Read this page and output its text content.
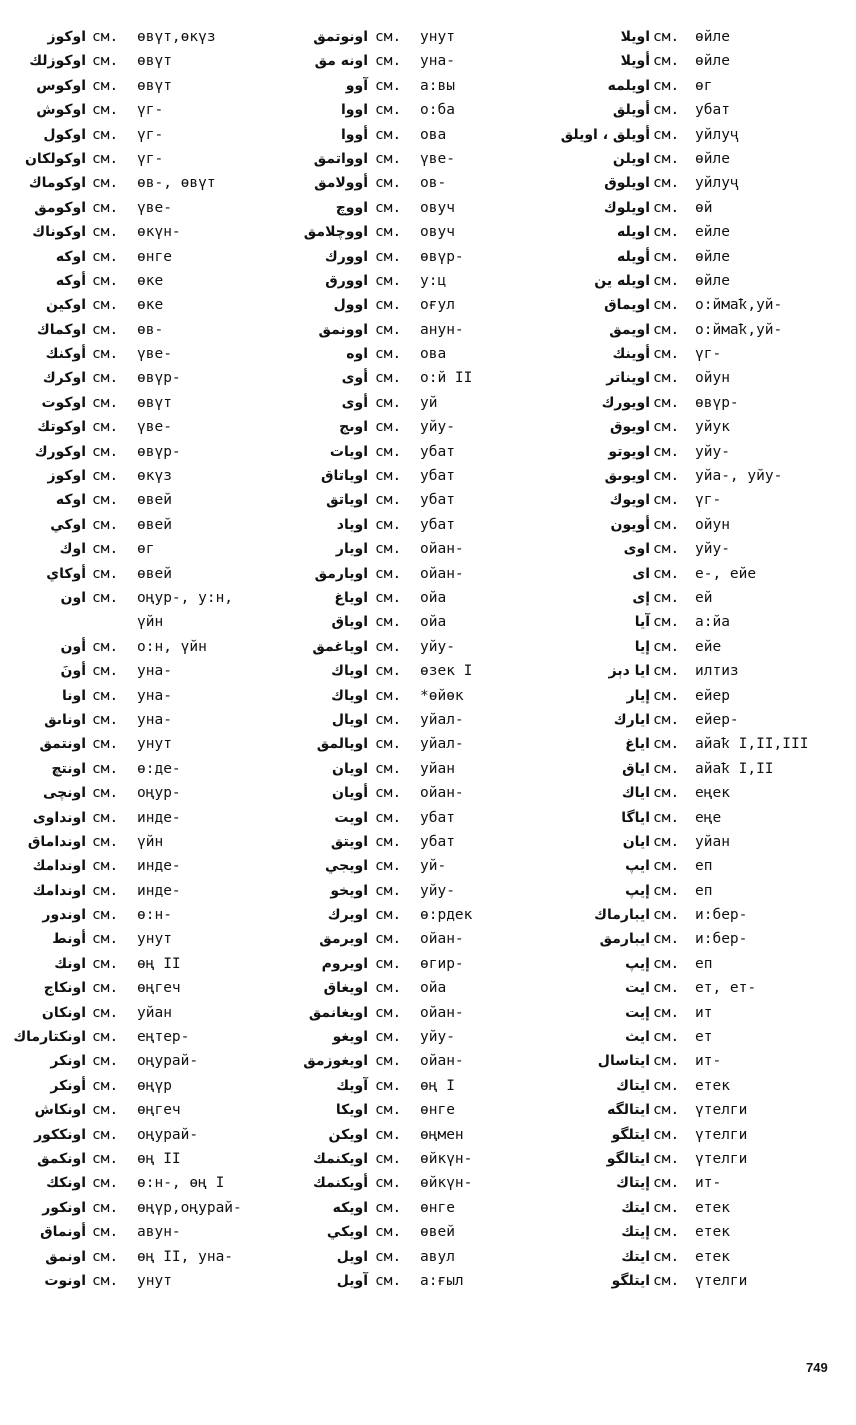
اوكوز см. өвүт,өкүз
اوكوزلك см. өвүт
اوكوس см. өвүт
اوكوش см. үг-
اوكول см. үг-
اوكولكان см. үг-
اوكوماك см. өв-, өвүт
اوكومق см. үве-
اوكوناك см. өкүн-
اوكه см. өнге
أوكه см. өке
اوكين см. өке
اوكماك см. өв-
أوكنك см. үве-
اوكرك см. өвүр-
اوكوت см. өвүт
اوكوتك см. үве-
اوكورك см. өвүр-
اوكوز см. өкүз
اوكه см. өвей
اوكي см. өвей
اوك см. өг
أوكاي см. өвей
اون см. оңур-, у:н,
үйн
أون см. о:н, үйн
أونَ см. уна-
اونا см. уна-
اوناىق см. уна-
اونتمق см. унут
اونتچ см. ө:де-
اونچى см. оңур-
اونداوى см. инде-
اونداماق см. үйн
اوندامك см. инде-
اوندامك см. инде-
اوندور см. ө:н-
أونط см. унут
اونك см. өң II
اونكاج см. өңгеч
اونكان см. уйан
اونكتارماك см. еңтер-
اونكر см. оңурай-
أونكر см. өңүр
اونكاش см. өңгеч
اونككور см. оңурай-
اونكمق см. өң II
اونكك см. ө:н-, өң I
اونكور см. өңүр,оңурай-
أونماق см. авун-
اونمق см. өң II, уна-
اونوت см. унут
اونوتمق см. унут
اونه مق см. уна-
آوو см. а:вы
اووا см. о:ба
أووا см. ова
اوواتمق см. үве-
أوولامق см. ов-
اووچ см. овуч
اووچلامق см. овуч
اوورك см. өвүр-
اوورق см. у:ц
اوول см. оғул
اوونمق см. анун-
اوه см. ова
أوى см. о:й II
أوى см. уй
اوىج см. уйу-
اويات см. убат
اوياتاق см. убат
اوياتق см. убат
اوياد см. убат
اويار см. ойан-
اويارمق см. ойан-
اوياغ см. ойа
اوياق см. ойа
اوياغمق см. уйу-
اوياك см. өзек I
اوياك см. *өйөк
اويال см. уйал-
اويالمق см. уйал-
اويان см. уйан
أويان см. ойан-
اويت см. убат
اويتق см. убат
اويجي см. уй-
اويخو см. уйу-
اويرك см. ө:рдек
اويرمق см. ойан-
اويروم см. өгир-
اويغاق см. ойа
اويغانمق см. ойан-
اويغو см. уйу-
اويغوزمق см. ойан-
آويك см. өң I
اويكا см. өнге
اويكن см. өңмен
اويكنمك см. өйкүн-
أويكنمك см. өйкүн-
اويكه см. өнге
اويكي см. өвей
اويل см. авул
آويل см. а:ғыл
اويلا см. өйле
أويلا см. өйле
اويلمه см. өг
أويلق см. убат
أويلق ، اويلق см. уйлуҷ
اويلن см. өйле
اويلوق см. уйлуҷ
اويلوك см. өй
اويله см. ейле
أويله см. өйле
اويله ين см. өйле
اويماق см. о:ймаҟ,уй-
اويمق см. о:ймаҟ,уй-
أوينك см. үг-
اويناتر см. ойун
اويورك см. өвүр-
اويوق см. уйук
اويوتو см. уйу-
اويوىق см. уйа-, уйу-
اويوك см. үг-
أويون см. ойун
اوى см. уйу-
اى см. е-, ейе
إى см. ей
آيا см. а:йа
إيا см. ейе
ايا دېز см. илтиз
إيار см. ейер
ايارك см. ейер-
اياغ см. айаҟ I,II,III
اياق см. айаҟ I,II
اياك см. еңек
اياگا см. еңе
ايان см. уйан
ايپ см. еп
إيپ см. еп
ايبارماك см. и:бер-
ايبارمق см. и:бер-
إيپ см. еп
ايت см. ет, ет-
إيت см. ит
ايث см. ет
ايتاسال см. ит-
ايتاك см. етек
ايتالگه см. үтелги
ايتلگو см. үтелги
ايتالگو см. үтелги
إيتاك см. ит-
ايتك см. етек
إيتك см. етек
ايتك см. етек
ايتلگو см. үтелги
749
